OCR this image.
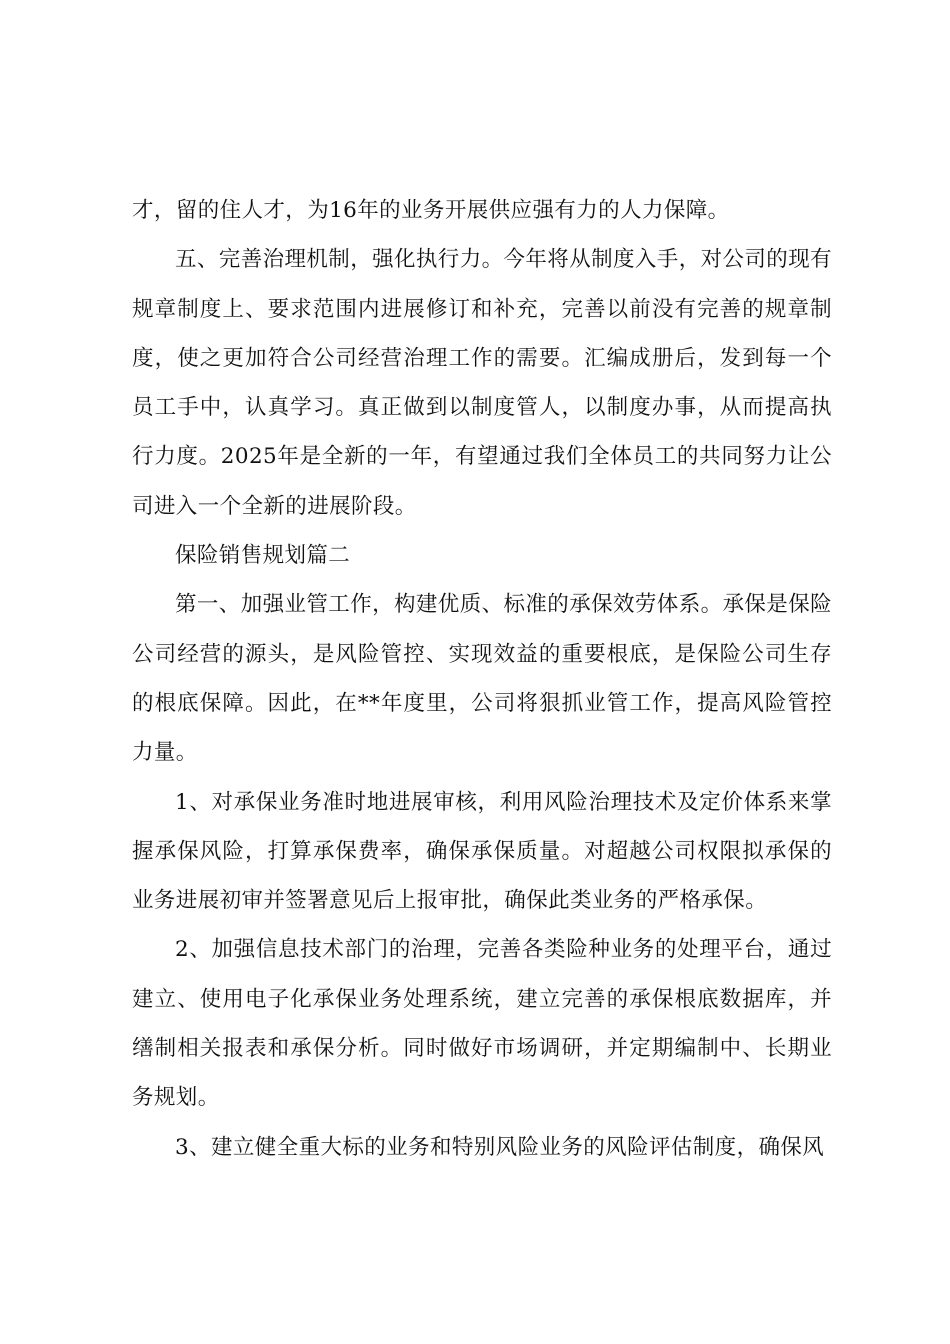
才，留的住人才，为16年的业务开展供应强有力的人力保障。

五、完善治理机制，强化执行力。今年将从制度入手，对公司的现有规章制度上、要求范围内进展修订和补充，完善以前没有完善的规章制度，使之更加符合公司经营治理工作的需要。汇编成册后，发到每一个员工手中，认真学习。真正做到以制度管人，以制度办事，从而提高执行力度。2025年是全新的一年，有望通过我们全体员工的共同努力让公司进入一个全新的进展阶段。

保险销售规划篇二

第一、加强业管工作，构建优质、标准的承保效劳体系。承保是保险公司经营的源头，是风险管控、实现效益的重要根底，是保险公司生存的根底保障。因此，在**年度里，公司将狠抓业管工作，提高风险管控力量。

1、对承保业务准时地进展审核，利用风险治理技术及定价体系来掌握承保风险，打算承保费率，确保承保质量。对超越公司权限拟承保的业务进展初审并签署意见后上报审批，确保此类业务的严格承保。

2、加强信息技术部门的治理，完善各类险种业务的处理平台，通过建立、使用电子化承保业务处理系统，建立完善的承保根底数据库，并缮制相关报表和承保分析。同时做好市场调研，并定期编制中、长期业务规划。

3、建立健全重大标的业务和特别风险业务的风险评估制度，确保风
